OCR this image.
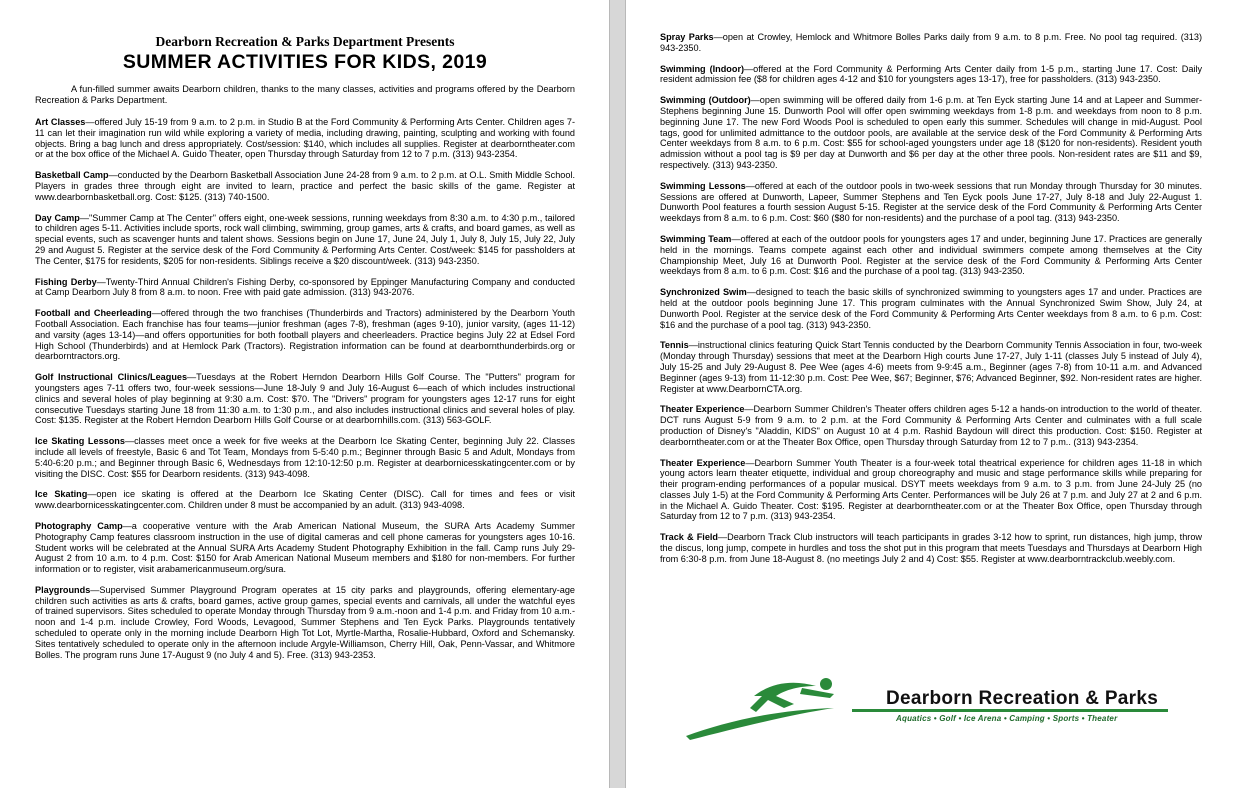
Dearborn Recreation & Parks Department Presents
SUMMER ACTIVITIES FOR KIDS, 2019

A fun-filled summer awaits Dearborn children, thanks to the many classes, activities and programs offered by the Dearborn Recreation & Parks Department.

Art Classes—offered July 15-19 from 9 a.m. to 2 p.m. in Studio B at the Ford Community & Performing Arts Center. Children ages 7-11 can let their imagination run wild while exploring a variety of media, including drawing, painting, sculpting and working with found objects. Bring a bag lunch and dress appropriately. Cost/session: $140, which includes all supplies. Register at dearborntheater.com or at the box office of the Michael A. Guido Theater, open Thursday through Saturday from 12 to 7 p.m. (313) 943-2354.

Basketball Camp—conducted by the Dearborn Basketball Association June 24-28 from 9 a.m. to 2 p.m. at O.L. Smith Middle School. Players in grades three through eight are invited to learn, practice and perfect the basic skills of the game. Register at www.dearbornbasketball.org. Cost: $125. (313) 740-1500.

Day Camp—"Summer Camp at The Center" offers eight, one-week sessions, running weekdays from 8:30 a.m. to 4:30 p.m., tailored to children ages 5-11. Activities include sports, rock wall climbing, swimming, group games, arts & crafts, and board games, as well as special events, such as scavenger hunts and talent shows. Sessions begin on June 17, June 24, July 1, July 8, July 15, July 22, July 29 and August 5. Register at the service desk of the Ford Community & Performing Arts Center. Cost/week: $145 for passholders at The Center, $175 for residents, $205 for non-residents. Siblings receive a $20 discount/week. (313) 943-2350.

Fishing Derby—Twenty-Third Annual Children's Fishing Derby, co-sponsored by Eppinger Manufacturing Company and conducted at Camp Dearborn July 8 from 8 a.m. to noon. Free with paid gate admission. (313) 943-2076.

Football and Cheerleading—offered through the two franchises (Thunderbirds and Tractors) administered by the Dearborn Youth Football Association. Each franchise has four teams—junior freshman (ages 7-8), freshman (ages 9-10), junior varsity, (ages 11-12) and varsity (ages 13-14)—and offers opportunities for both football players and cheerleaders. Practice begins July 22 at Edsel Ford High School (Thunderbirds) and at Hemlock Park (Tractors). Registration information can be found at dearbornthunderbirds.org or dearborntractors.org.

Golf Instructional Clinics/Leagues—Tuesdays at the Robert Herndon Dearborn Hills Golf Course. The "Putters" program for youngsters ages 7-11 offers two, four-week sessions—June 18-July 9 and July 16-August 6—each of which includes instructional clinics and several holes of play beginning at 9:30 a.m. Cost: $70. The "Drivers" program for youngsters ages 12-17 runs for eight consecutive Tuesdays starting June 18 from 11:30 a.m. to 1:30 p.m., and also includes instructional clinics and several holes of play. Cost: $135. Register at the Robert Herndon Dearborn Hills Golf Course or at dearbornhills.com. (313) 563-GOLF.

Ice Skating Lessons—classes meet once a week for five weeks at the Dearborn Ice Skating Center, beginning July 22. Classes include all levels of freestyle, Basic 6 and Tot Team, Mondays from 5-5:40 p.m.; Beginner through Basic 5 and Adult, Mondays from 5:40-6:20 p.m.; and Beginner through Basic 6, Wednesdays from 12:10-12:50 p.m. Register at dearbornicesskatingcenter.com or by visiting the DISC. Cost: $55 for Dearborn residents. (313) 943-4098.

Ice Skating—open ice skating is offered at the Dearborn Ice Skating Center (DISC). Call for times and fees or visit www.dearbornicesskatingcenter.com. Children under 8 must be accompanied by an adult. (313) 943-4098.

Photography Camp—a cooperative venture with the Arab American National Museum, the SURA Arts Academy Summer Photography Camp features classroom instruction in the use of digital cameras and cell phone cameras for youngsters ages 10-16. Student works will be celebrated at the Annual SURA Arts Academy Student Photography Exhibition in the fall. Camp runs July 29-August 2 from 10 a.m. to 4 p.m. Cost: $150 for Arab American National Museum members and $180 for non-members. For further information or to register, visit arabamericanmuseum.org/sura.

Playgrounds—Supervised Summer Playground Program operates at 15 city parks and playgrounds, offering elementary-age children such activities as arts & crafts, board games, active group games, special events and carnivals, all under the watchful eyes of trained supervisors. Sites scheduled to operate Monday through Thursday from 9 a.m.-noon and 1-4 p.m. and Friday from 10 a.m.-noon and 1-4 p.m. include Crowley, Ford Woods, Levagood, Summer Stephens and Ten Eyck Parks. Playgrounds tentatively scheduled to operate only in the morning include Dearborn High Tot Lot, Myrtle-Martha, Rosalie-Hubbard, Oxford and Schemansky. Sites tentatively scheduled to operate only in the afternoon include Argyle-Williamson, Cherry Hill, Oak, Penn-Vassar, and Whitmore Bolles. The program runs June 17-August 9 (no July 4 and 5). Free. (313) 943-2353.

Spray Parks—open at Crowley, Hemlock and Whitmore Bolles Parks daily from 9 a.m. to 8 p.m. Free. No pool tag required. (313) 943-2350.

Swimming (Indoor)—offered at the Ford Community & Performing Arts Center daily from 1-5 p.m., starting June 17. Cost: Daily resident admission fee ($8 for children ages 4-12 and $10 for youngsters ages 13-17), free for passholders. (313) 943-2350.

Swimming (Outdoor)—open swimming will be offered daily from 1-6 p.m. at Ten Eyck starting June 14 and at Lapeer and Summer-Stephens beginning June 15. Dunworth Pool will offer open swimming weekdays from 1-8 p.m. and weekdays from noon to 8 p.m. beginning June 17. The new Ford Woods Pool is scheduled to open early this summer. Schedules will change in mid-August. Pool tags, good for unlimited admittance to the outdoor pools, are available at the service desk of the Ford Community & Performing Arts Center weekdays from 8 a.m. to 6 p.m. Cost: $55 for school-aged youngsters under age 18 ($120 for non-residents). Resident youth admission without a pool tag is $9 per day at Dunworth and $6 per day at the other three pools. Non-resident rates are $11 and $9, respectively. (313) 943-2350.

Swimming Lessons—offered at each of the outdoor pools in two-week sessions that run Monday through Thursday for 30 minutes. Sessions are offered at Dunworth, Lapeer, Summer Stephens and Ten Eyck pools June 17-27, July 8-18 and July 22-August 1. Dunworth Pool features a fourth session August 5-15. Register at the service desk of the Ford Community & Performing Arts Center weekdays from 8 a.m. to 6 p.m. Cost: $60 ($80 for non-residents) and the purchase of a pool tag. (313) 943-2350.

Swimming Team—offered at each of the outdoor pools for youngsters ages 17 and under, beginning June 17. Practices are generally held in the mornings. Teams compete against each other and individual swimmers compete among themselves at the City Championship Meet, July 16 at Dunworth Pool. Register at the service desk of the Ford Community & Performing Arts Center weekdays from 8 a.m. to 6 p.m. Cost: $16 and the purchase of a pool tag. (313) 943-2350.

Synchronized Swim—designed to teach the basic skills of synchronized swimming to youngsters ages 17 and under. Practices are held at the outdoor pools beginning June 17. This program culminates with the Annual Synchronized Swim Show, July 24, at Dunworth Pool. Register at the service desk of the Ford Community & Performing Arts Center weekdays from 8 a.m. to 6 p.m. Cost: $16 and the purchase of a pool tag. (313) 943-2350.

Tennis—instructional clinics featuring Quick Start Tennis conducted by the Dearborn Community Tennis Association in four, two-week (Monday through Thursday) sessions that meet at the Dearborn High courts June 17-27, July 1-11 (classes July 5 instead of July 4), July 15-25 and July 29-August 8. Pee Wee (ages 4-6) meets from 9-9:45 a.m., Beginner (ages 7-8) from 10-11 a.m. and Advanced Beginner (ages 9-13) from 11-12:30 p.m. Cost: Pee Wee, $67; Beginner, $76; Advanced Beginner, $92. Non-resident rates are higher. Register at www.DearbornCTA.org.

Theater Experience—Dearborn Summer Children's Theater offers children ages 5-12 a hands-on introduction to the world of theater. DCT runs August 5-9 from 9 a.m. to 2 p.m. at the Ford Community & Performing Arts Center and culminates with a full scale production of Disney's "Aladdin, KIDS" on August 10 at 4 p.m. Rashid Baydoun will direct this production. Cost: $150. Register at dearborntheater.com or at the Theater Box Office, open Thursday through Saturday from 12 to 7 p.m.. (313) 943-2354.

Theater Experience—Dearborn Summer Youth Theater is a four-week total theatrical experience for children ages 11-18 in which young actors learn theater etiquette, individual and group choreography and music and stage performance skills while preparing for their program-ending performances of a popular musical. DSYT meets weekdays from 9 a.m. to 3 p.m. from June 24-July 25 (no classes July 1-5) at the Ford Community & Performing Arts Center. Performances will be July 26 at 7 p.m. and July 27 at 2 and 6 p.m. in the Michael A. Guido Theater. Cost: $195. Register at dearborntheater.com or at the Theater Box Office, open Thursday through Saturday from 12 to 7 p.m. (313) 943-2354.

Track & Field—Dearborn Track Club instructors will teach participants in grades 3-12 how to sprint, run distances, high jump, throw the discus, long jump, compete in hurdles and toss the shot put in this program that meets Tuesdays and Thursdays at Dearborn High from 6:30-8 p.m. from June 18-August 8. (no meetings July 2 and 4) Cost: $55. Register at www.dearborntrackclub.weebly.com.

Dearborn Recreation & Parks
Aquatics • Golf • Ice Arena • Camping • Sports • Theater
